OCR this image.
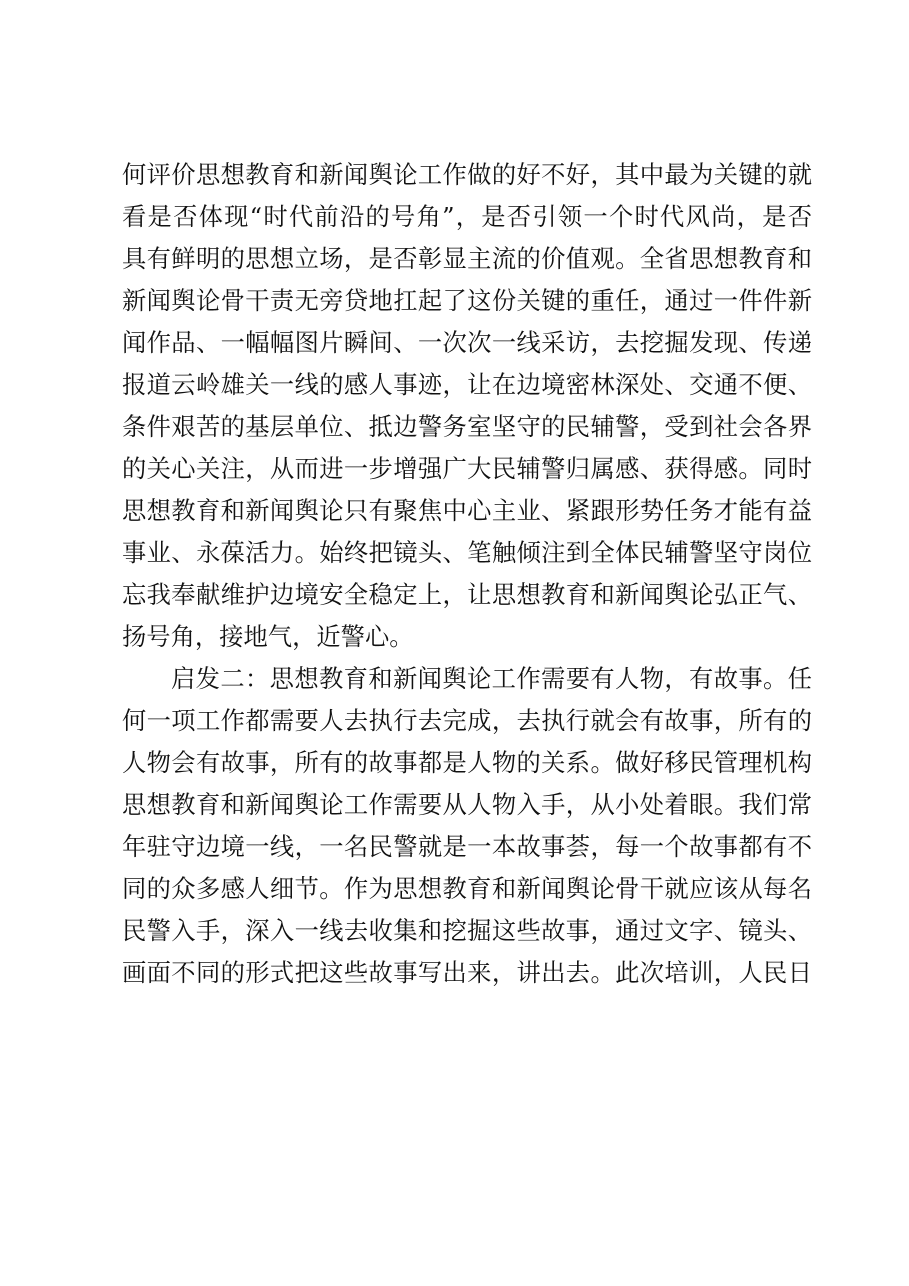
何评价思想教育和新闻舆论工作做的好不好，其中最为关键的就
看是否体现“时代前沿的号角”，是否引领一个时代风尚，是否
具有鲜明的思想立场，是否彰显主流的价值观。全省思想教育和
新闻舆论骨干责无旁贷地扛起了这份关键的重任，通过一件件新
闻作品、一幅幅图片瞬间、一次次一线采访，去挖掘发现、传递
报道云岭雄关一线的感人事迹，让在边境密林深处、交通不便、
条件艰苦的基层单位、抵边警务室坚守的民辅警，受到社会各界
的关心关注，从而进一步增强广大民辅警归属感、获得感。同时
思想教育和新闻舆论只有聚焦中心主业、紧跟形势任务才能有益
事业、永葆活力。始终把镜头、笔触倾注到全体民辅警坚守岗位
忘我奉献维护边境安全稳定上，让思想教育和新闻舆论弘正气、
扬号角，接地气，近警心。
启发二：思想教育和新闻舆论工作需要有人物，有故事。任
何一项工作都需要人去执行去完成，去执行就会有故事，所有的
人物会有故事，所有的故事都是人物的关系。做好移民管理机构
思想教育和新闻舆论工作需要从人物入手，从小处着眼。我们常
年驻守边境一线，一名民警就是一本故事荟，每一个故事都有不
同的众多感人细节。作为思想教育和新闻舆论骨干就应该从每名
民警入手，深入一线去收集和挖掘这些故事，通过文字、镜头、
画面不同的形式把这些故事写出来，讲出去。此次培训，人民日
